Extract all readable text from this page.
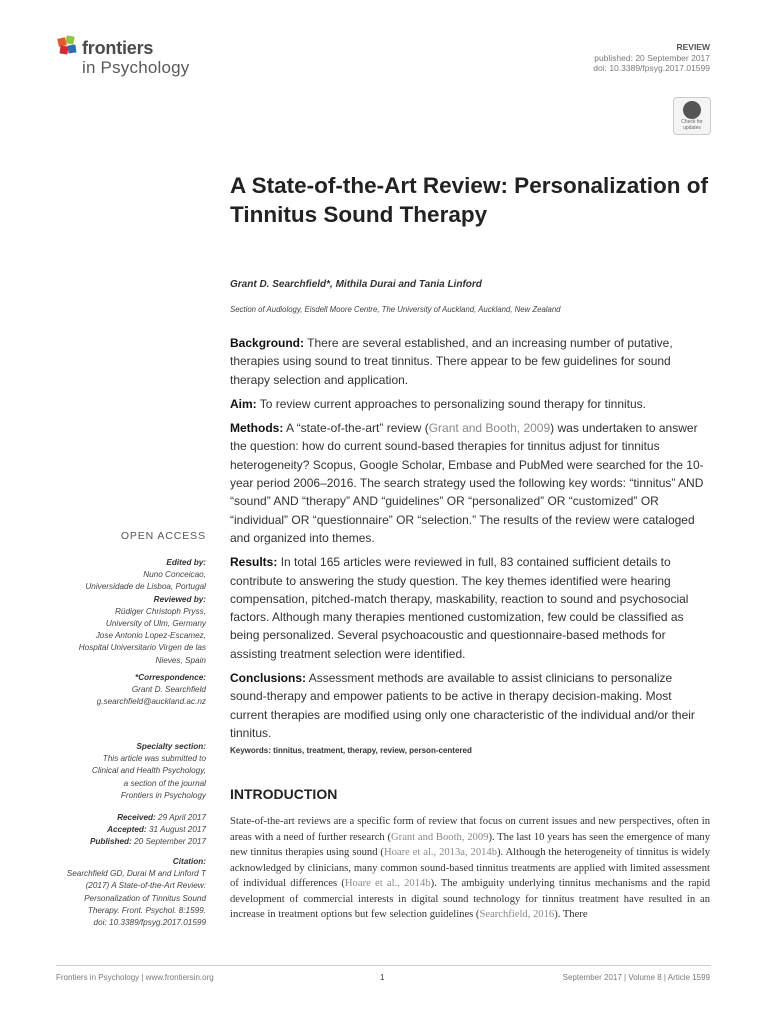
frontiers
in Psychology
REVIEW
published: 20 September 2017
doi: 10.3389/fpsyg.2017.01599
Check for
updates
A State-of-the-Art Review: Personalization of Tinnitus Sound Therapy
Grant D. Searchfield*, Mithila Durai and Tania Linford
Section of Audiology, Eisdell Moore Centre, The University of Auckland, Auckland, New Zealand

Background: There are several established, and an increasing number of putative, therapies using sound to treat tinnitus. There appear to be few guidelines for sound therapy selection and application.

Aim: To review current approaches to personalizing sound therapy for tinnitus.

Methods: A “state-of-the-art” review (Grant and Booth, 2009) was undertaken to answer the question: how do current sound-based therapies for tinnitus adjust for tinnitus heterogeneity? Scopus, Google Scholar, Embase and PubMed were searched for the 10-year period 2006–2016. The search strategy used the following key words: “tinnitus” AND “sound” AND “therapy” AND “guidelines” OR “personalized” OR “customized” OR “individual” OR “questionnaire” OR “selection.” The results of the review were cataloged and organized into themes.

Results: In total 165 articles were reviewed in full, 83 contained sufficient details to contribute to answering the study question. The key themes identified were hearing compensation, pitched-match therapy, maskability, reaction to sound and psychosocial factors. Although many therapies mentioned customization, few could be classified as being personalized. Several psychoacoustic and questionnaire-based methods for assisting treatment selection were identified.

Conclusions: Assessment methods are available to assist clinicians to personalize sound-therapy and empower patients to be active in therapy decision-making. Most current therapies are modified using only one characteristic of the individual and/or their tinnitus.

Keywords: tinnitus, treatment, therapy, review, person-centered
OPEN ACCESS
Edited by:
Nuno Conceicao,
Universidade de Lisboa, Portugal
Reviewed by:
Rüdiger Christoph Pryss,
University of Ulm, Germany
Jose Antonio Lopez-Escamez,
Hospital Universitario Virgen de las
Nieves, Spain
*Correspondence:
Grant D. Searchfield
g.searchfield@auckland.ac.nz
Specialty section:
This article was submitted to
Clinical and Health Psychology,
a section of the journal
Frontiers in Psychology
Received: 29 April 2017
Accepted: 31 August 2017
Published: 20 September 2017
Citation:
Searchfield GD, Durai M and Linford T
(2017) A State-of-the-Art Review:
Personalization of Tinnitus Sound
Therapy. Front. Psychol. 8:1599.
doi: 10.3389/fpsyg.2017.01599
INTRODUCTION
State-of-the-art reviews are a specific form of review that focus on current issues and new perspectives, often in areas with a need of further research (Grant and Booth, 2009). The last 10 years has seen the emergence of many new tinnitus therapies using sound (Hoare et al., 2013a, 2014b). Although the heterogeneity of tinnitus is widely acknowledged by clinicians, many common sound-based tinnitus treatments are applied with limited assessment of individual differences (Hoare et al., 2014b). The ambiguity underlying tinnitus mechanisms and the rapid development of commercial interests in digital sound technology for tinnitus treatment have resulted in an increase in treatment options but few selection guidelines (Searchfield, 2016). There
Frontiers in Psychology | www.frontiersin.org	1	September 2017 | Volume 8 | Article 1599
